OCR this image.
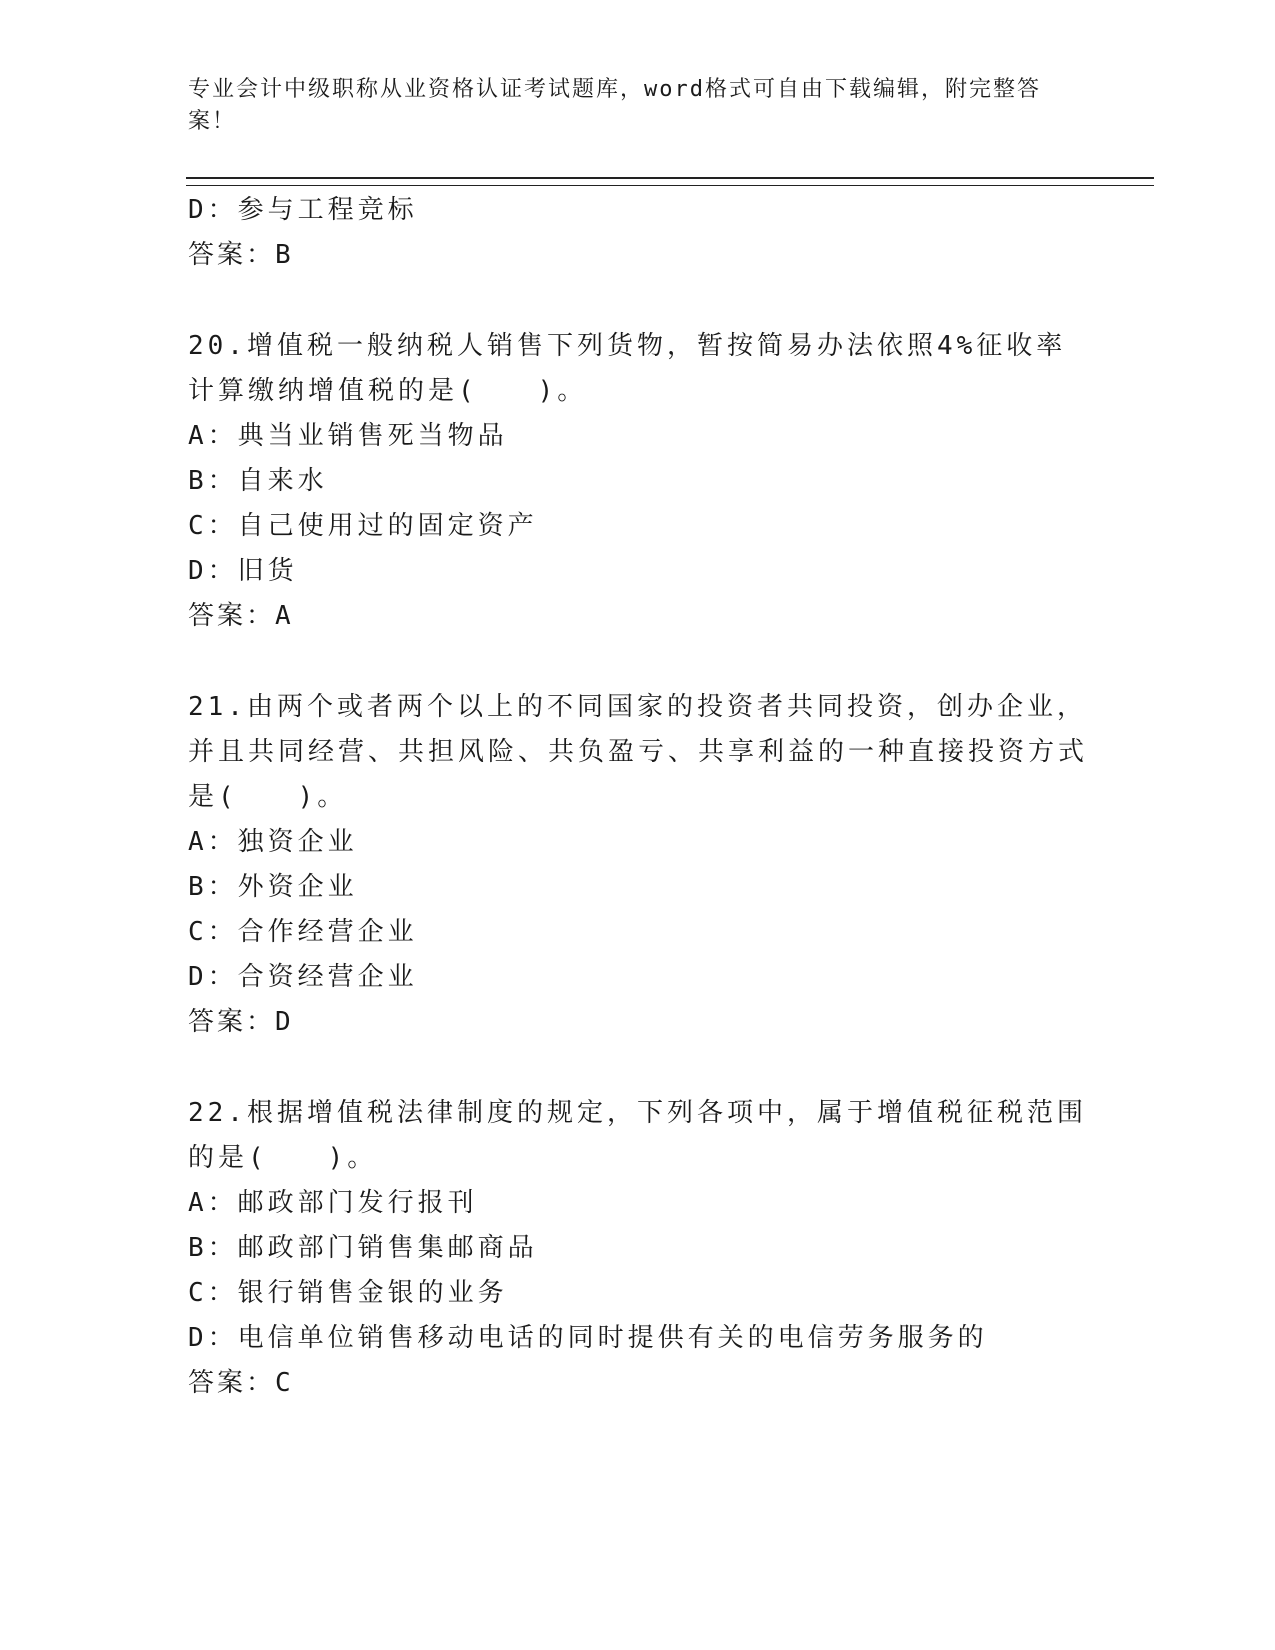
专业会计中级职称从业资格认证考试题库，word格式可自由下载编辑，附完整答案！
D：参与工程竞标
答案：B
20.增值税一般纳税人销售下列货物，暂按简易办法依照4%征收率计算缴纳增值税的是(　　)。
A：典当业销售死当物品
B：自来水
C：自己使用过的固定资产
D：旧货
答案：A
21.由两个或者两个以上的不同国家的投资者共同投资，创办企业，并且共同经营、共担风险、共负盈亏、共享利益的一种直接投资方式是(　　)。
A：独资企业
B：外资企业
C：合作经营企业
D：合资经营企业
答案：D
22.根据增值税法律制度的规定，下列各项中，属于增值税征税范围的是(　　)。
A：邮政部门发行报刊
B：邮政部门销售集邮商品
C：银行销售金银的业务
D：电信单位销售移动电话的同时提供有关的电信劳务服务的
答案：C
